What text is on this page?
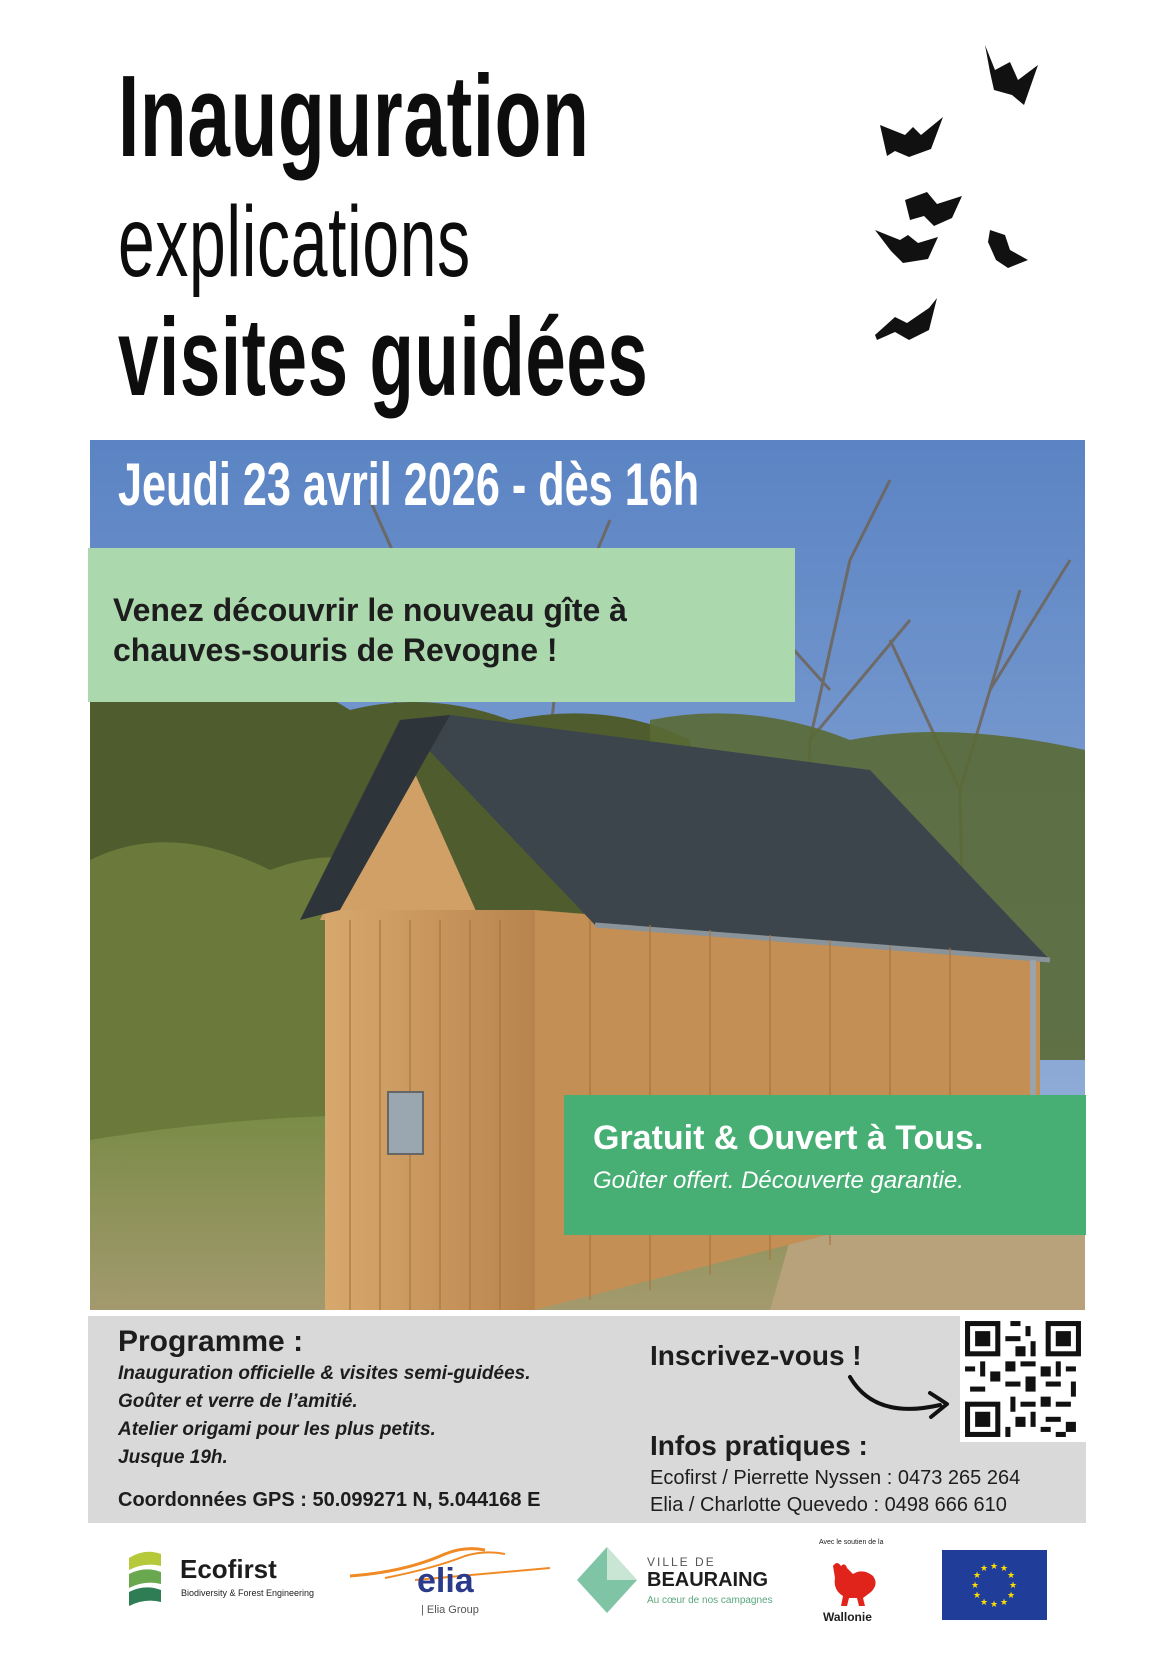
Inauguration
explications
visites guidées
Jeudi 23 avril 2026 - dès 16h
Venez découvrir le nouveau gîte à
chauves-souris de Revogne !
Gratuit & Ouvert à Tous.
Goûter offert. Découverte garantie.
Programme :
Inauguration officielle & visites semi-guidées.
Goûter et verre de l’amitié.
Atelier origami pour les plus petits.
Jusque 19h.
Coordonnées GPS : 50.099271 N, 5.044168 E
Inscrivez-vous !
Infos pratiques :
Ecofirst / Pierrette Nyssen : 0473 265 264
Elia / Charlotte Quevedo : 0498 666 610
Ecofirst
Biodiversity & Forest Engineering	elia
| Elia Group
VILLE DE
BEAURAING
Au cœur de nos campagnes
Avec le soutien de la
Wallonie
★ ★
★
★
★
★
★
★
★
★
★
★
